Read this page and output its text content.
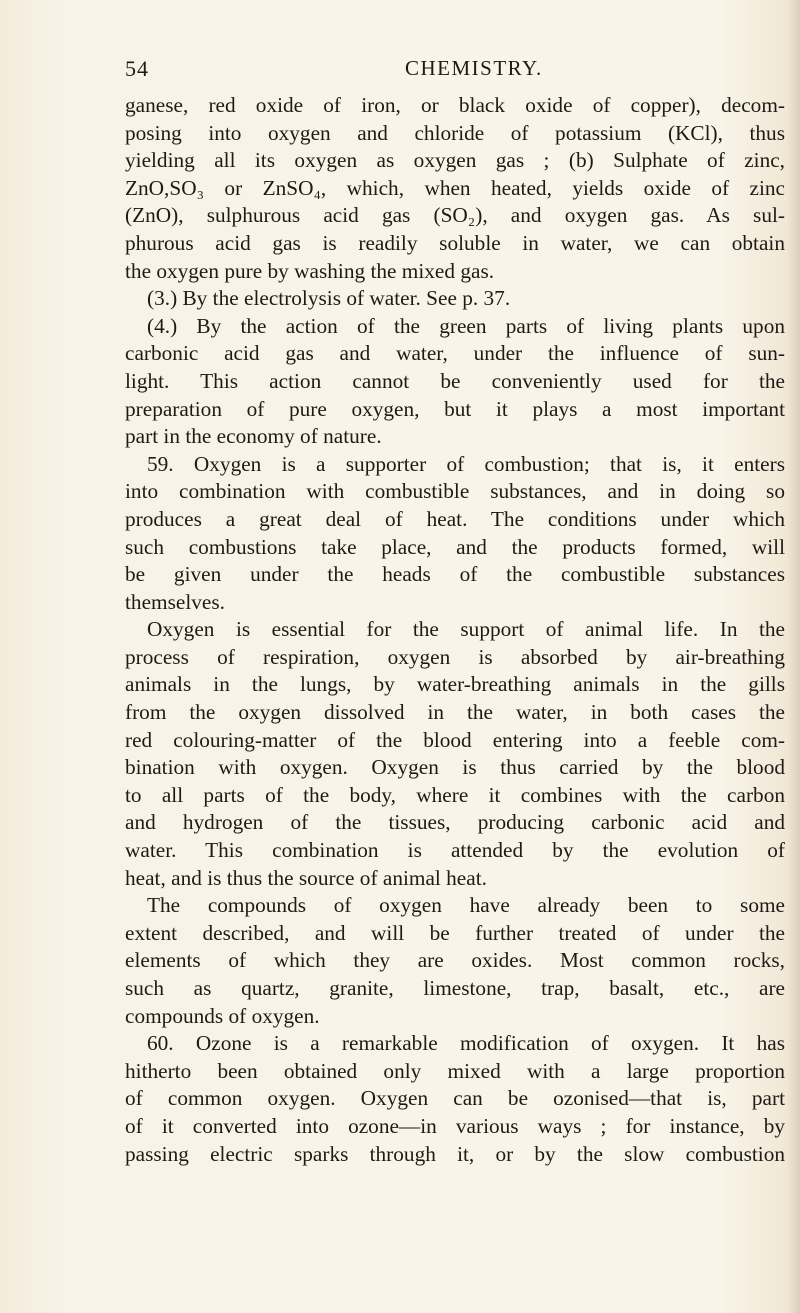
54	CHEMISTRY.
ganese, red oxide of iron, or black oxide of copper), decom-
posing into oxygen and chloride of potassium (KCl), thus
yielding all its oxygen as oxygen gas ; (b) Sulphate of zinc,
ZnO,SO₃ or ZnSO₄, which, when heated, yields oxide of zinc
(ZnO), sulphurous acid gas (SO₂), and oxygen gas. As sul-
phurous acid gas is readily soluble in water, we can obtain
the oxygen pure by washing the mixed gas.
(3.) By the electrolysis of water. See p. 37.
(4.) By the action of the green parts of living plants upon
carbonic acid gas and water, under the influence of sun-
light. This action cannot be conveniently used for the
preparation of pure oxygen, but it plays a most important
part in the economy of nature.
59. Oxygen is a supporter of combustion; that is, it enters
into combination with combustible substances, and in doing so
produces a great deal of heat. The conditions under which
such combustions take place, and the products formed, will
be given under the heads of the combustible substances
themselves.
Oxygen is essential for the support of animal life. In the
process of respiration, oxygen is absorbed by air-breathing
animals in the lungs, by water-breathing animals in the gills
from the oxygen dissolved in the water, in both cases the
red colouring-matter of the blood entering into a feeble com-
bination with oxygen. Oxygen is thus carried by the blood
to all parts of the body, where it combines with the carbon
and hydrogen of the tissues, producing carbonic acid and
water. This combination is attended by the evolution of
heat, and is thus the source of animal heat.
The compounds of oxygen have already been to some
extent described, and will be further treated of under the
elements of which they are oxides. Most common rocks,
such as quartz, granite, limestone, trap, basalt, etc., are
compounds of oxygen.
60. Ozone is a remarkable modification of oxygen. It has
hitherto been obtained only mixed with a large proportion
of common oxygen. Oxygen can be ozonised—that is, part
of it converted into ozone—in various ways ; for instance, by
passing electric sparks through it, or by the slow combustion
